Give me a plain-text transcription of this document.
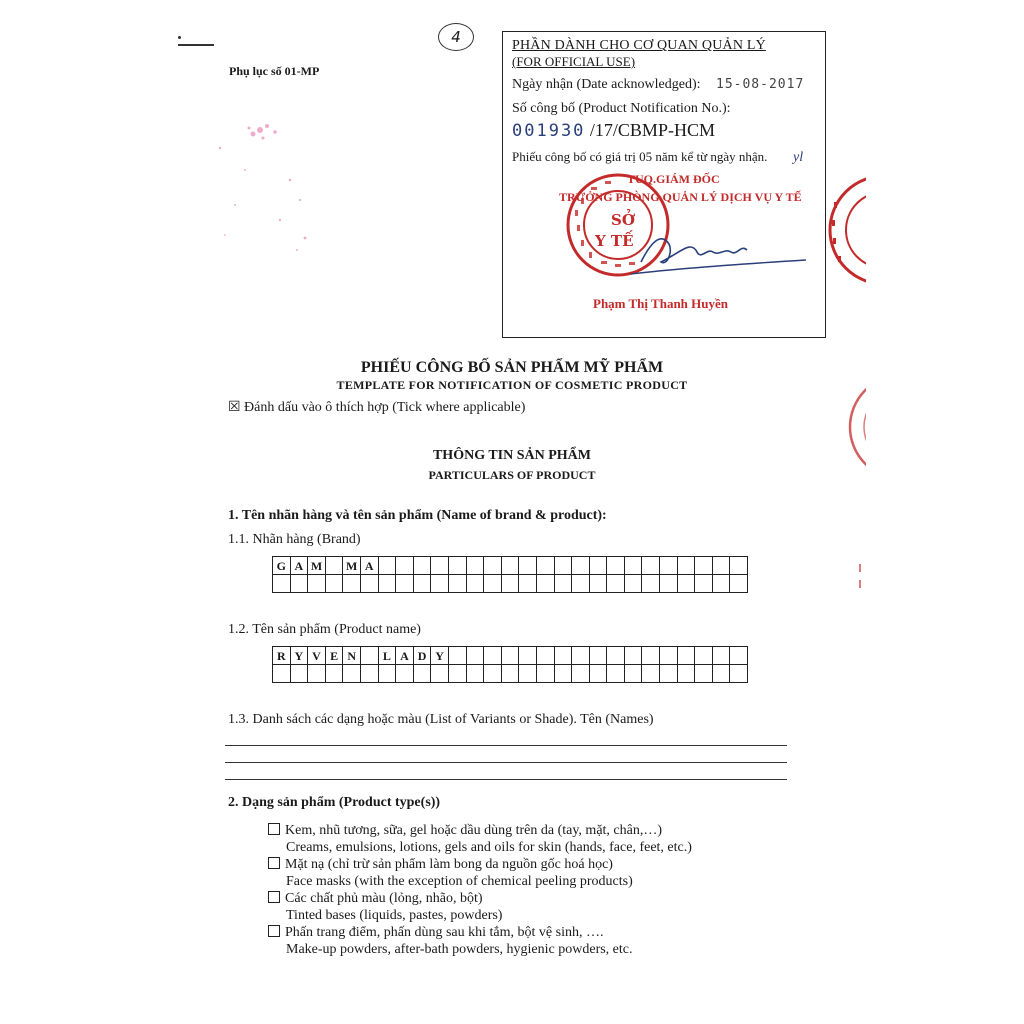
Phụ lục số 01-MP
4	PHẦN DÀNH CHO CƠ QUAN QUẢN LÝ
(FOR OFFICIAL USE)
Ngày nhận (Date acknowledged): 15-08-2017
Số công bố (Product Notification No.):
001930 /17/CBMP-HCM
Phiếu công bố có giá trị 05 năm kể từ ngày nhận. yl
SỞ
Y TẾ
TUQ.GIÁM ĐỐC
TRƯỞNG PHÒNG QUẢN LÝ DỊCH VỤ Y TẾ
Phạm Thị Thanh Huyền
PHIẾU CÔNG BỐ SẢN PHẨM MỸ PHẨM
TEMPLATE FOR NOTIFICATION OF COSMETIC PRODUCT
☒ Đánh dấu vào ô thích hợp (Tick where applicable)
THÔNG TIN SẢN PHẨM
PARTICULARS OF PRODUCT
1. Tên nhãn hàng và tên sản phẩm (Name of brand & product):
1.1. Nhãn hàng (Brand)
G A M	M A
1.2. Tên sản phẩm (Product name)
R Y V E N	L A D Y
1.3. Danh sách các dạng hoặc màu (List of Variants or Shade). Tên (Names)
2. Dạng sản phẩm (Product type(s))
Kem, nhũ tương, sữa, gel hoặc dầu dùng trên da (tay, mặt, chân,…)
Creams, emulsions, lotions, gels and oils for skin (hands, face, feet, etc.)
Mặt nạ (chỉ trừ sản phẩm làm bong da nguồn gốc hoá học)
Face masks (with the exception of chemical peeling products)
Các chất phủ màu (lỏng, nhão, bột)
Tinted bases (liquids, pastes, powders)
Phấn trang điểm, phấn dùng sau khi tắm, bột vệ sinh, ….
Make-up powders, after-bath powders, hygienic powders, etc.
